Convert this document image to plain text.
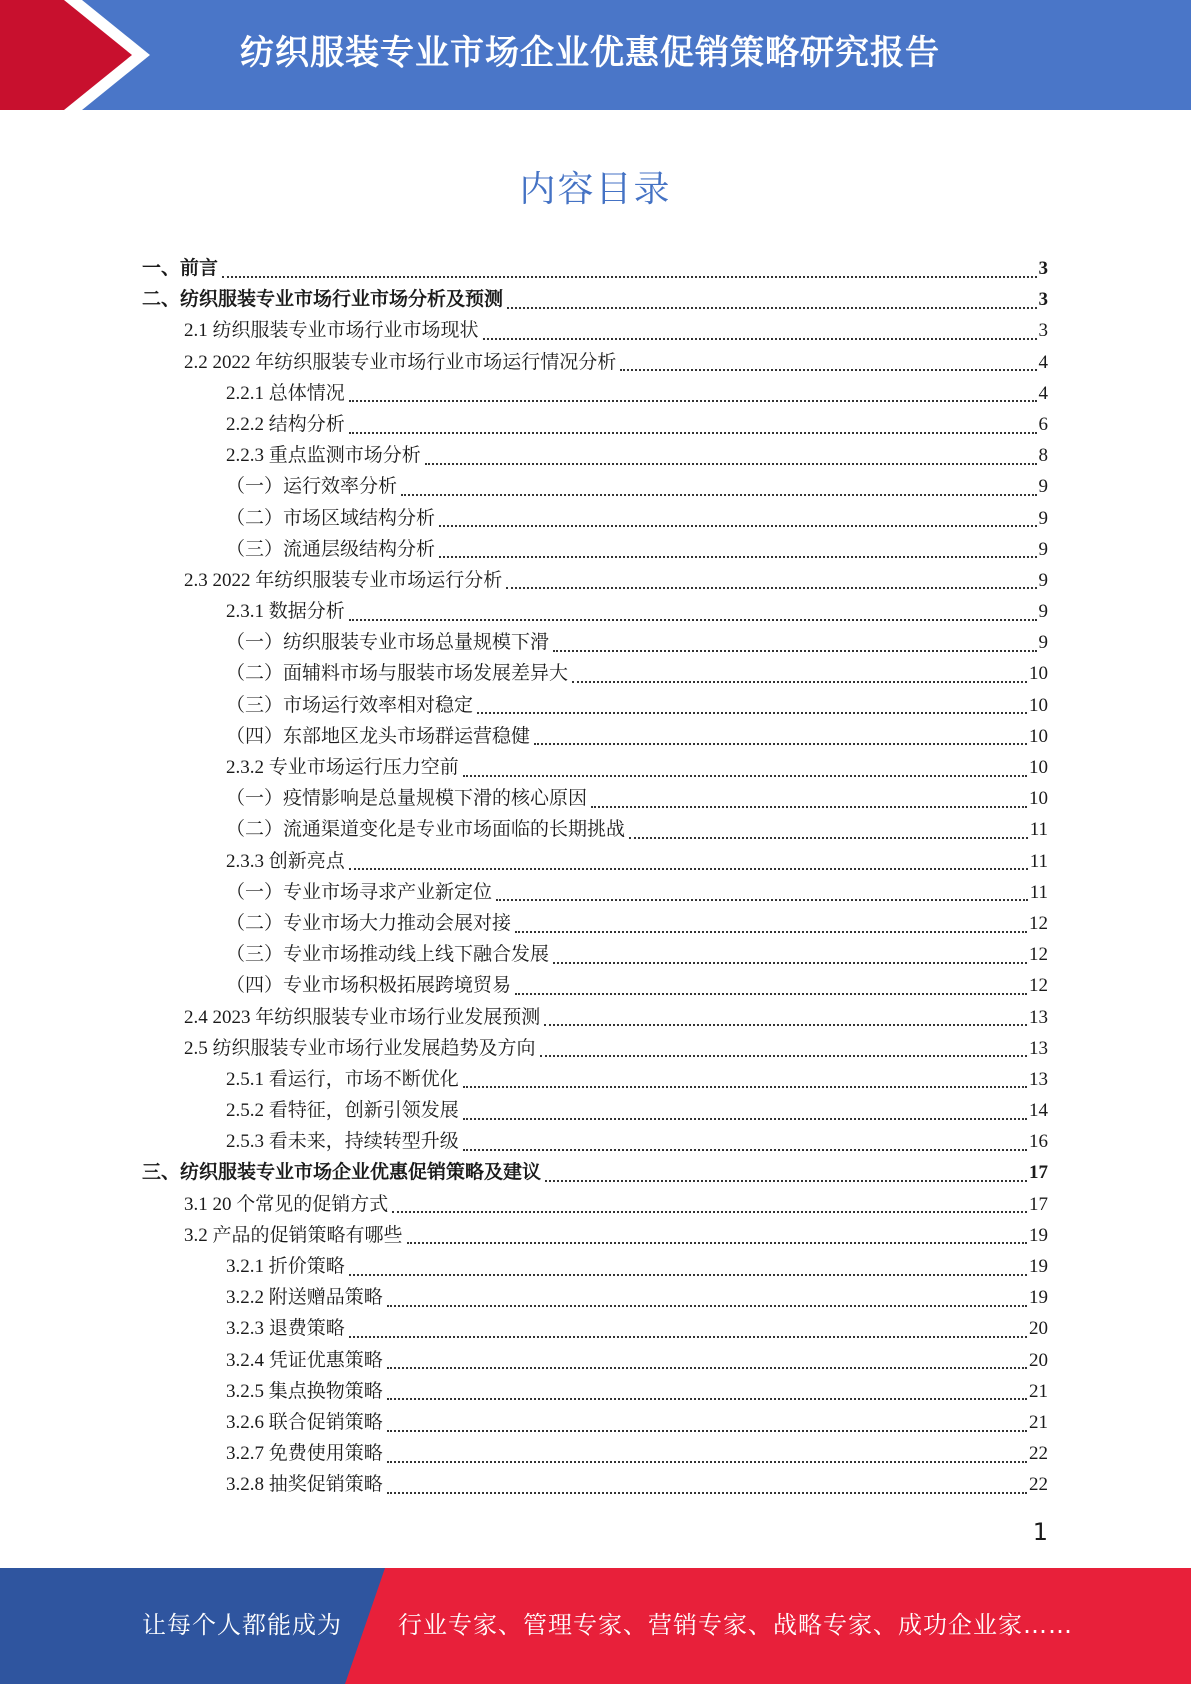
纺织服装专业市场企业优惠促销策略研究报告
内容目录
一、前言	3
二、纺织服装专业市场行业市场分析及预测	3
2.1 纺织服装专业市场行业市场现状	3
2.2 2022 年纺织服装专业市场行业市场运行情况分析	4
2.2.1 总体情况	4
2.2.2 结构分析	6
2.2.3 重点监测市场分析	8
（一）运行效率分析	9
（二）市场区域结构分析	9
（三）流通层级结构分析	9
2.3 2022 年纺织服装专业市场运行分析	9
2.3.1 数据分析	9
（一）纺织服装专业市场总量规模下滑	9
（二）面辅料市场与服装市场发展差异大	10
（三）市场运行效率相对稳定	10
（四）东部地区龙头市场群运营稳健	10
2.3.2 专业市场运行压力空前	10
（一）疫情影响是总量规模下滑的核心原因	10
（二）流通渠道变化是专业市场面临的长期挑战	11
2.3.3 创新亮点	11
（一）专业市场寻求产业新定位	11
（二）专业市场大力推动会展对接	12
（三）专业市场推动线上线下融合发展	12
（四）专业市场积极拓展跨境贸易	12
2.4 2023 年纺织服装专业市场行业发展预测	13
2.5 纺织服装专业市场行业发展趋势及方向	13
2.5.1 看运行，市场不断优化	13
2.5.2 看特征，创新引领发展	14
2.5.3 看未来，持续转型升级	16
三、纺织服装专业市场企业优惠促销策略及建议	17
3.1 20 个常见的促销方式	17
3.2 产品的促销策略有哪些	19
3.2.1 折价策略	19
3.2.2 附送赠品策略	19
3.2.3 退费策略	20
3.2.4 凭证优惠策略	20
3.2.5 集点换物策略	21
3.2.6 联合促销策略	21
3.2.7 免费使用策略	22
3.2.8 抽奖促销策略	22
1
让每个人都能成为 行业专家、管理专家、营销专家、战略专家、成功企业家……
